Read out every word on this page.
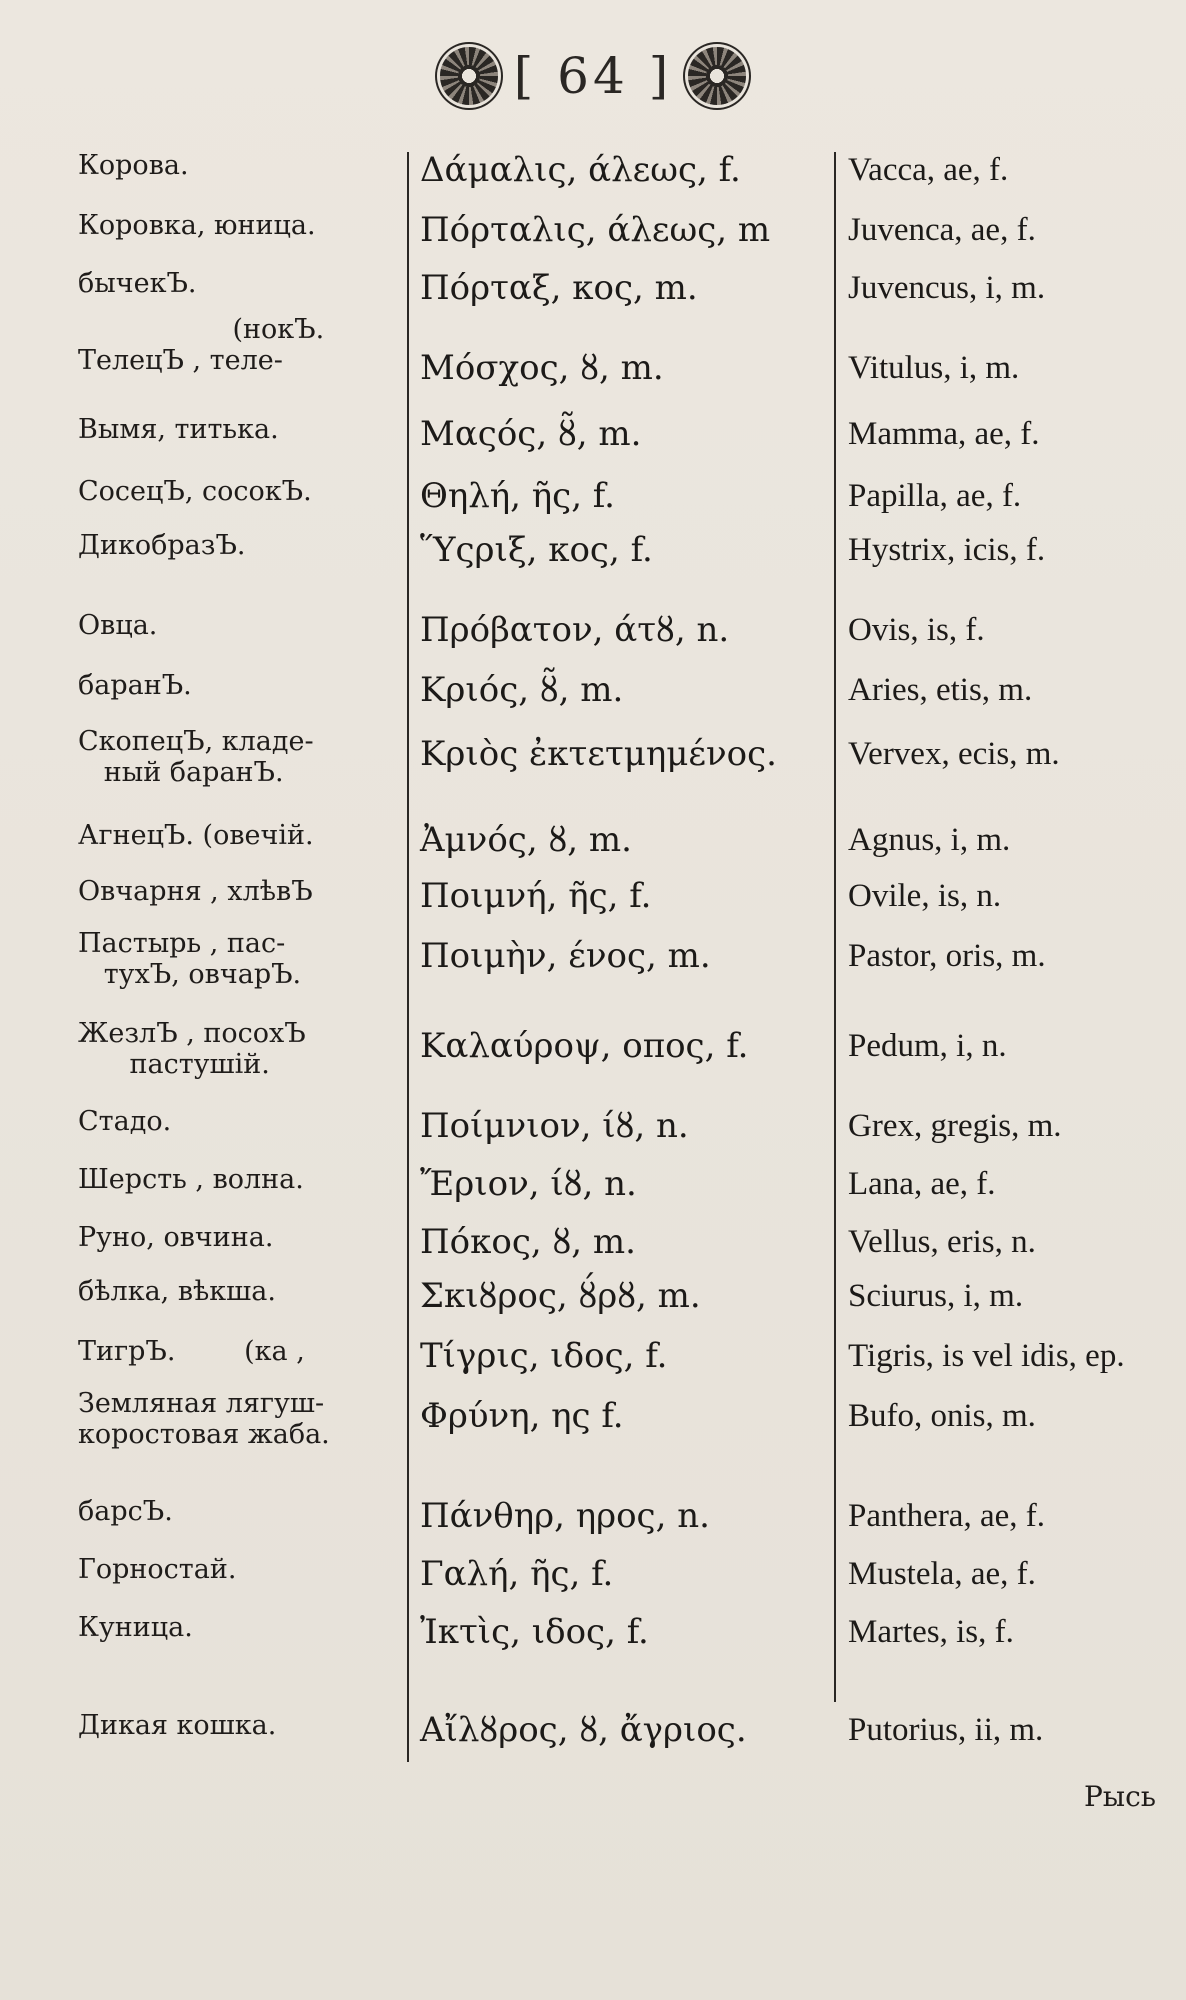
[ 64 ]
Корова.	Δάμαλις, άλεως, f.	Vacca, ae, f.
Коровка, юница.	Πόρταλις, άλεως, m	Juvenca, ae, f.
бычекЪ.	Πόρταξ, κος, m.	Juvencus, i, m.
(нокЪ.
ТелецЪ , теле-	Μόσχος, ȣ, m.	Vitulus, i, m.
Вымя, титька.	Μαςός, ȣ̃, m.	Mamma, ae, f.
СосецЪ, сосокЪ.	Θηλή, ῆς, f.	Papilla, ae, f.
ДикобразЪ.	Ὕςριξ, κος, f.	Hystrix, icis, f.
Овца.	Πρόβατον, άτȣ, n.	Ovis, is, f.
баранЪ.	Κριός, ȣ̃, m.	Aries, etis, m.
СкопецЪ, кладе-
ный баранЪ.	Κριὸς ἐκτετμημένος.	Vervex, ecis, m.
АгнецЪ. (овечій.	Ἀμνός, ȣ, m.	Agnus, i, m.
Овчарня , хлѣвЪ	Ποιμνή, ῆς, f.	Ovile, is, n.
Пастырь , пас-
тухЪ, овчарЪ.	Ποιμὴν, ένος, m.	Pastor, oris, m.
ЖезлЪ , посохЪ
пастушій.	Καλαύροψ, οπος, f.	Pedum, i, n.
Стадо.	Ποίμνιον, ίȣ, n.	Grex, gregis, m.
Шерсть , волна.	Ἔριον, ίȣ, n.	Lana, ae, f.
Руно, овчина.	Πόκος, ȣ, m.	Vellus, eris, n.
бѣлка, вѣкша.	Σκιȣρος, ȣ́ρȣ, m.	Sciurus, i, m.
ТигрЪ.        (ка ,	Τίγρις, ιδος, f.	Tigris, is vel idis, ep.
Земляная лягуш-
коростовая жаба.	Φρύνη, ης f.	Bufo, onis, m.
барсЪ.	Πάνθηρ, ηρος, n.	Panthera, ae, f.
Горностай.	Γαλή, ῆς, f.	Mustela, ae, f.
Куница.	Ἰκτὶς, ιδος, f.	Martes, is, f.
Дикая кошка.	Αἴλȣρος, ȣ, ἄγριος.	Putorius, ii, m.
Рысь
